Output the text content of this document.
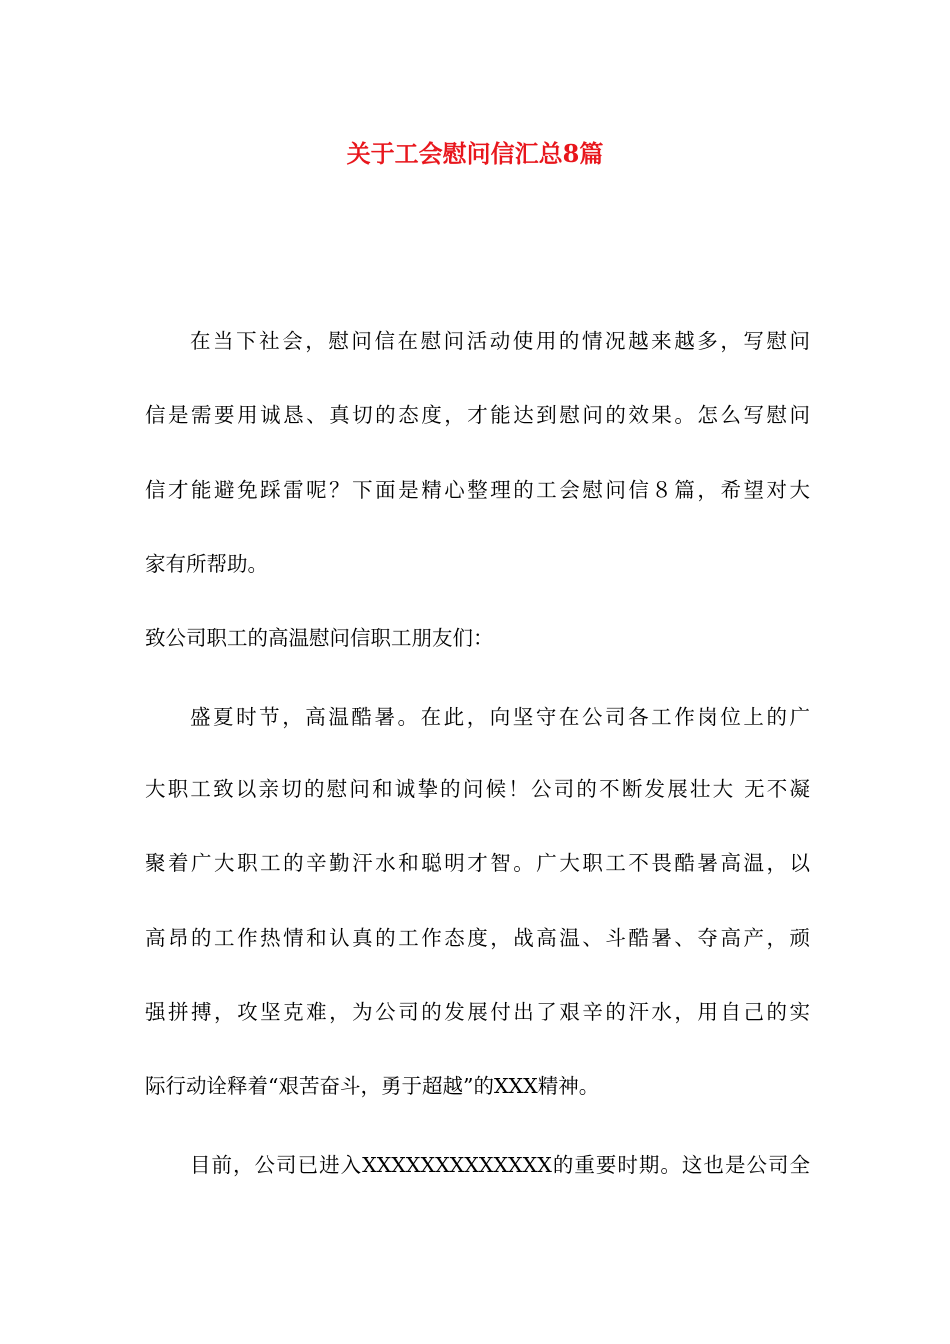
关于工会慰问信汇总8篇
在当下社会，慰问信在慰问活动使用的情况越来越多，写慰问
信是需要用诚恳、真切的态度，才能达到慰问的效果。怎么写慰问
信才能避免踩雷呢？下面是精心整理的工会慰问信８篇，希望对大
家有所帮助。
致公司职工的高温慰问信职工朋友们：
盛夏时节，高温酷暑。在此，向坚守在公司各工作岗位上的广
大职工致以亲切的慰问和诚挚的问候！公司的不断发展壮大 无不凝
聚着广大职工的辛勤汗水和聪明才智。广大职工不畏酷暑高温，以
高昂的工作热情和认真的工作态度，战高温、斗酷暑、夺高产，顽
强拼搏，攻坚克难，为公司的发展付出了艰辛的汗水，用自己的实
际行动诠释着“艰苦奋斗，勇于超越”的XXX精神。
目前，公司已进入XXXXXXXXXXXXX的重要时期。这也是公司全
